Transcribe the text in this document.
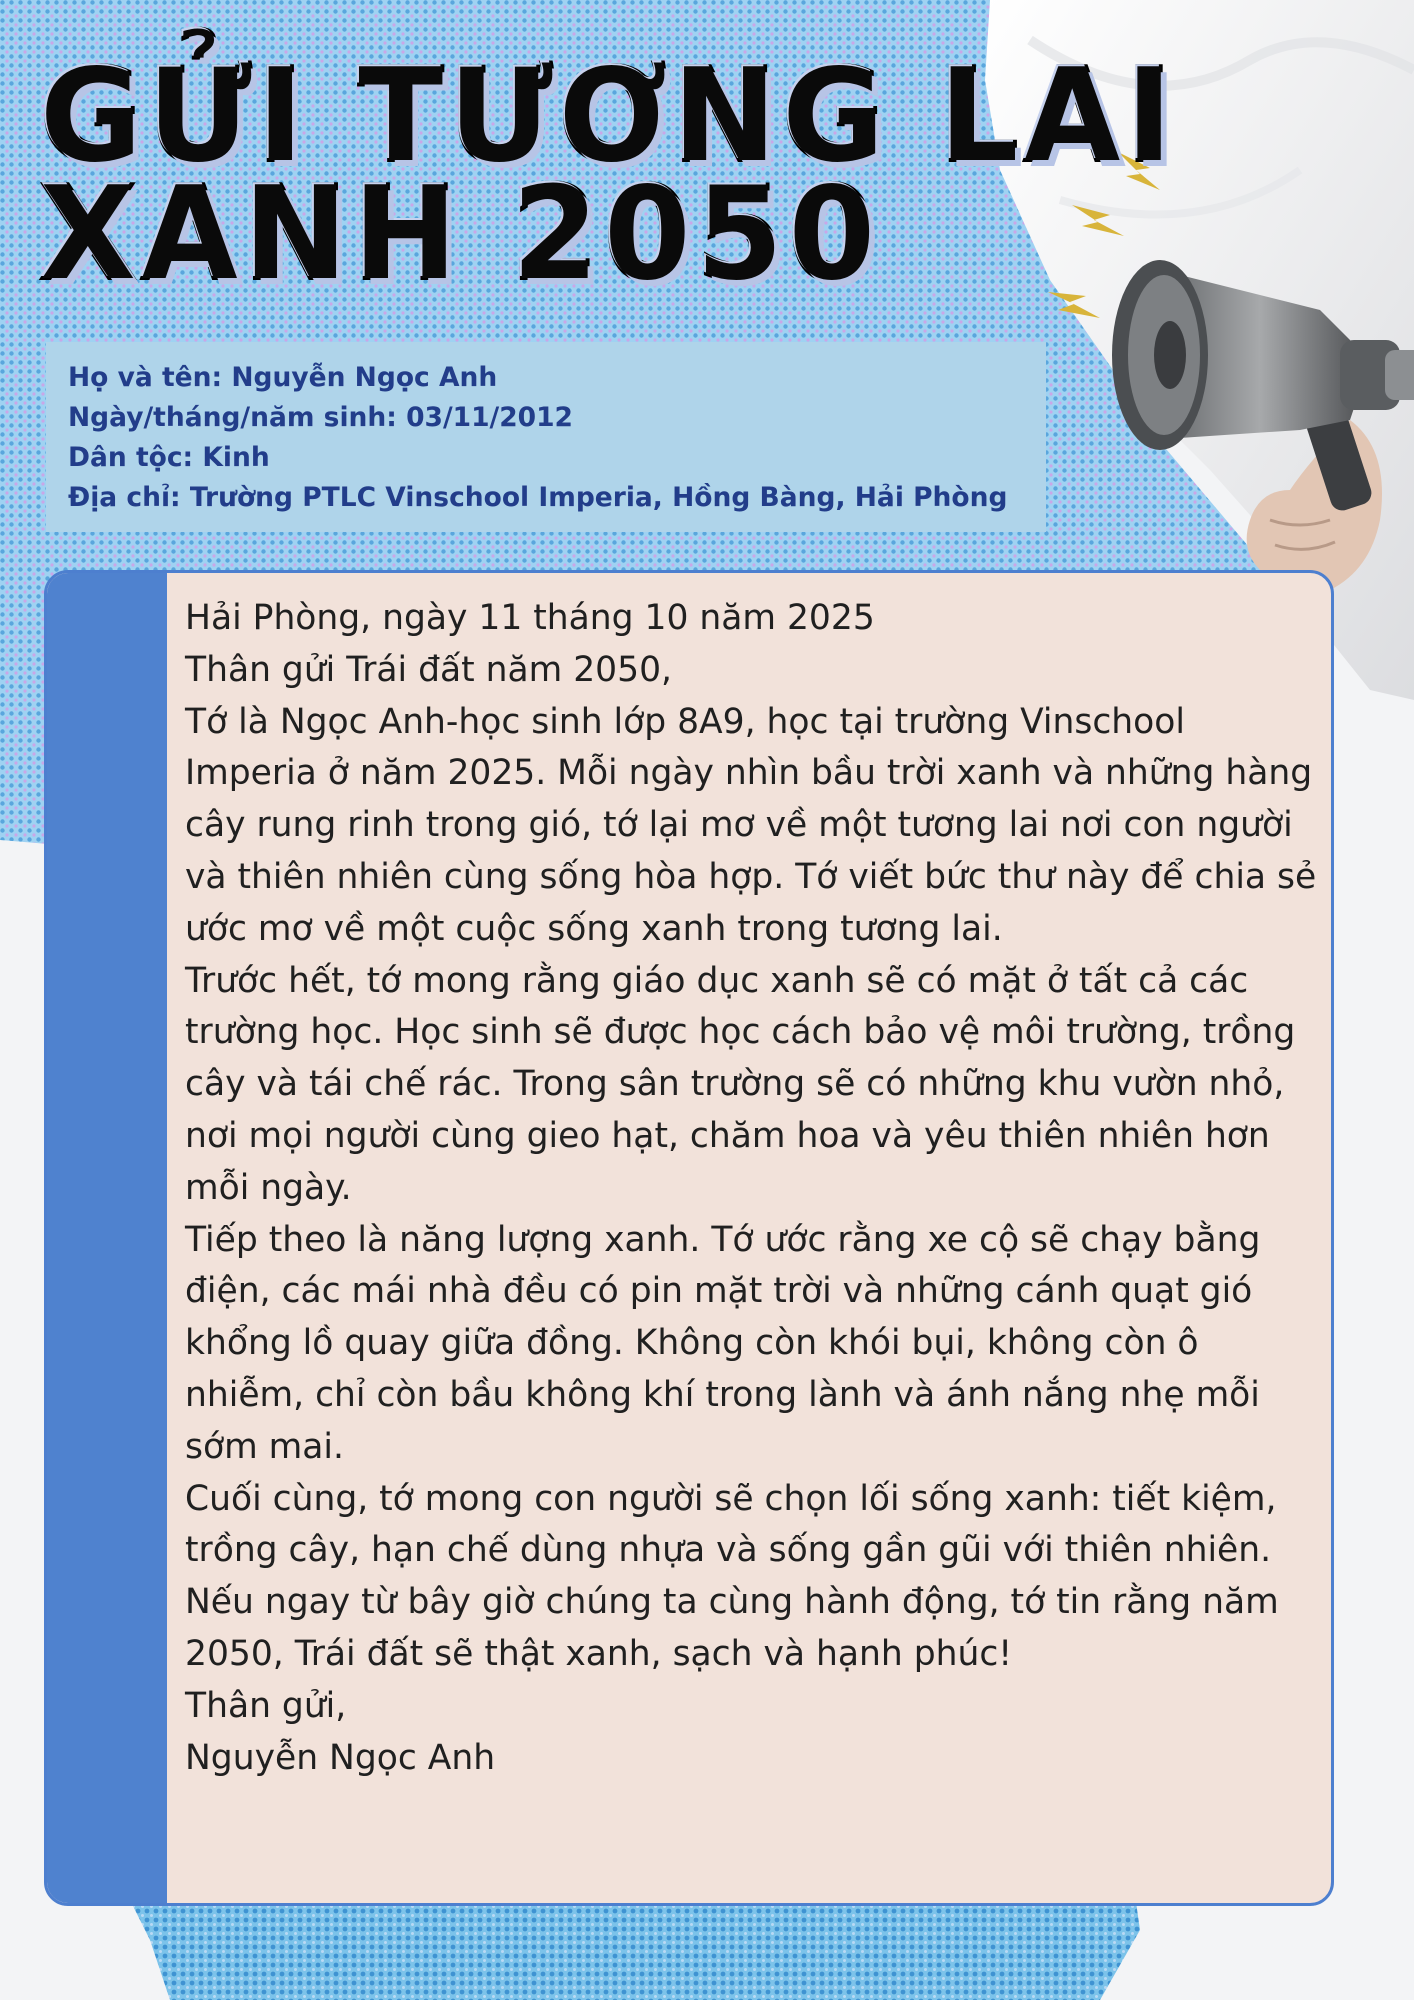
GỬI TƯƠNG LAI
XANH 2050
Họ và tên: Nguyễn Ngọc Anh
Ngày/tháng/năm sinh: 03/11/2012
Dân tộc: Kinh
Địa chỉ: Trường PTLC Vinschool Imperia, Hồng Bàng, Hải Phòng

Hải Phòng, ngày 11 tháng 10 năm 2025

Thân gửi Trái đất năm 2050,

Tớ là Ngọc Anh-học sinh lớp 8A9, học tại trường Vinschool Imperia ở năm 2025. Mỗi ngày nhìn bầu trời xanh và những hàng cây rung rinh trong gió, tớ lại mơ về một tương lai nơi con người và thiên nhiên cùng sống hòa hợp. Tớ viết bức thư này để chia sẻ ước mơ về một cuộc sống xanh trong tương lai.

Trước hết, tớ mong rằng giáo dục xanh sẽ có mặt ở tất cả các trường học. Học sinh sẽ được học cách bảo vệ môi trường, trồng cây và tái chế rác. Trong sân trường sẽ có những khu vườn nhỏ, nơi mọi người cùng gieo hạt, chăm hoa và yêu thiên nhiên hơn mỗi ngày.

Tiếp theo là năng lượng xanh. Tớ ước rằng xe cộ sẽ chạy bằng điện, các mái nhà đều có pin mặt trời và những cánh quạt gió khổng lồ quay giữa đồng. Không còn khói bụi, không còn ô nhiễm, chỉ còn bầu không khí trong lành và ánh nắng nhẹ mỗi sớm mai.

Cuối cùng, tớ mong con người sẽ chọn lối sống xanh: tiết kiệm, trồng cây, hạn chế dùng nhựa và sống gần gũi với thiên nhiên.

Nếu ngay từ bây giờ chúng ta cùng hành động, tớ tin rằng năm 2050, Trái đất sẽ thật xanh, sạch và hạnh phúc!

Thân gửi,

Nguyễn Ngọc Anh
